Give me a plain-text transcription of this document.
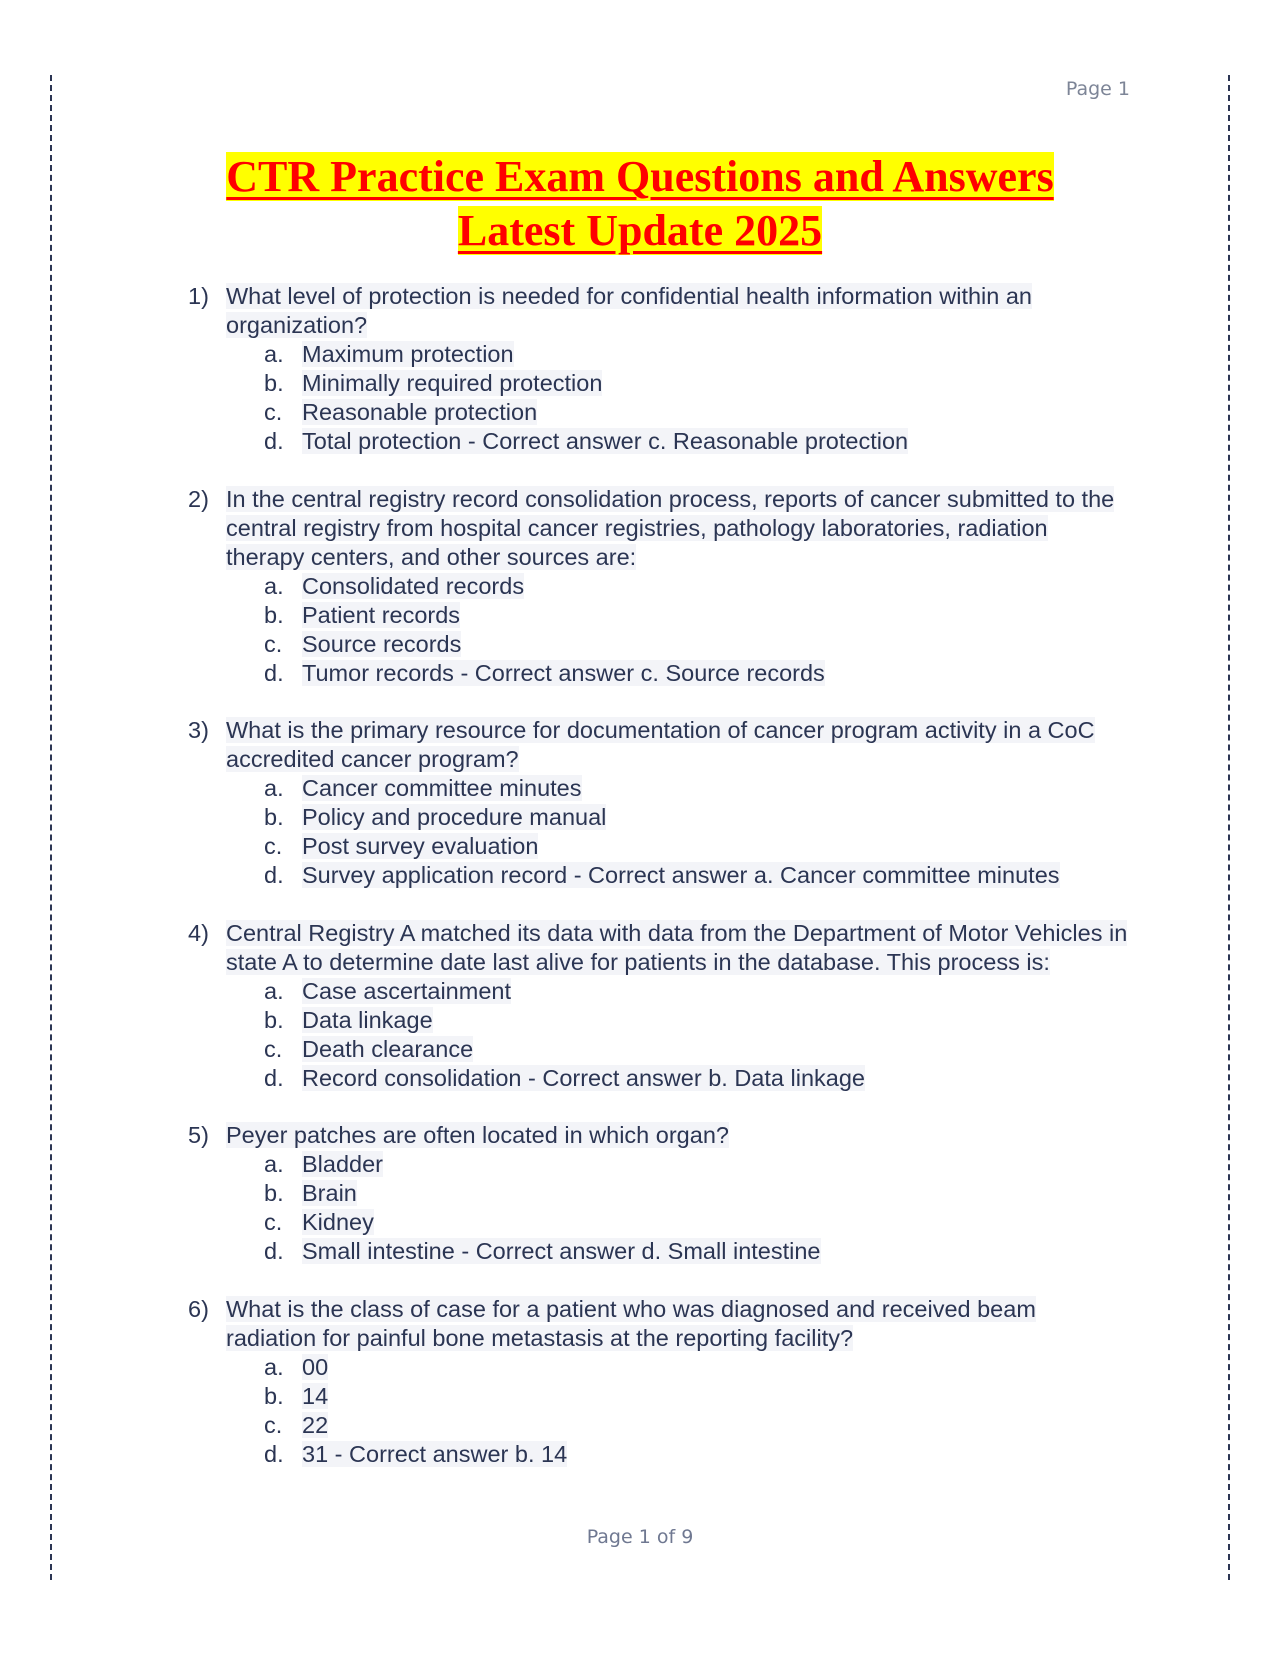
Page 1
CTR Practice Exam Questions and Answers
Latest Update 2025
1) What level of protection is needed for confidential health information within an organization?
a. Maximum protection
b. Minimally required protection
c. Reasonable protection
d. Total protection - Correct answer c. Reasonable protection
2) In the central registry record consolidation process, reports of cancer submitted to the central registry from hospital cancer registries, pathology laboratories, radiation therapy centers, and other sources are:
a. Consolidated records
b. Patient records
c. Source records
d. Tumor records - Correct answer c. Source records
3) What is the primary resource for documentation of cancer program activity in a CoC accredited cancer program?
a. Cancer committee minutes
b. Policy and procedure manual
c. Post survey evaluation
d. Survey application record - Correct answer a. Cancer committee minutes
4) Central Registry A matched its data with data from the Department of Motor Vehicles in state A to determine date last alive for patients in the database. This process is:
a. Case ascertainment
b. Data linkage
c. Death clearance
d. Record consolidation - Correct answer b. Data linkage
5) Peyer patches are often located in which organ?
a. Bladder
b. Brain
c. Kidney
d. Small intestine - Correct answer d. Small intestine
6) What is the class of case for a patient who was diagnosed and received beam radiation for painful bone metastasis at the reporting facility?
a. 00
b. 14
c. 22
d. 31 - Correct answer b. 14
Page 1 of 9
